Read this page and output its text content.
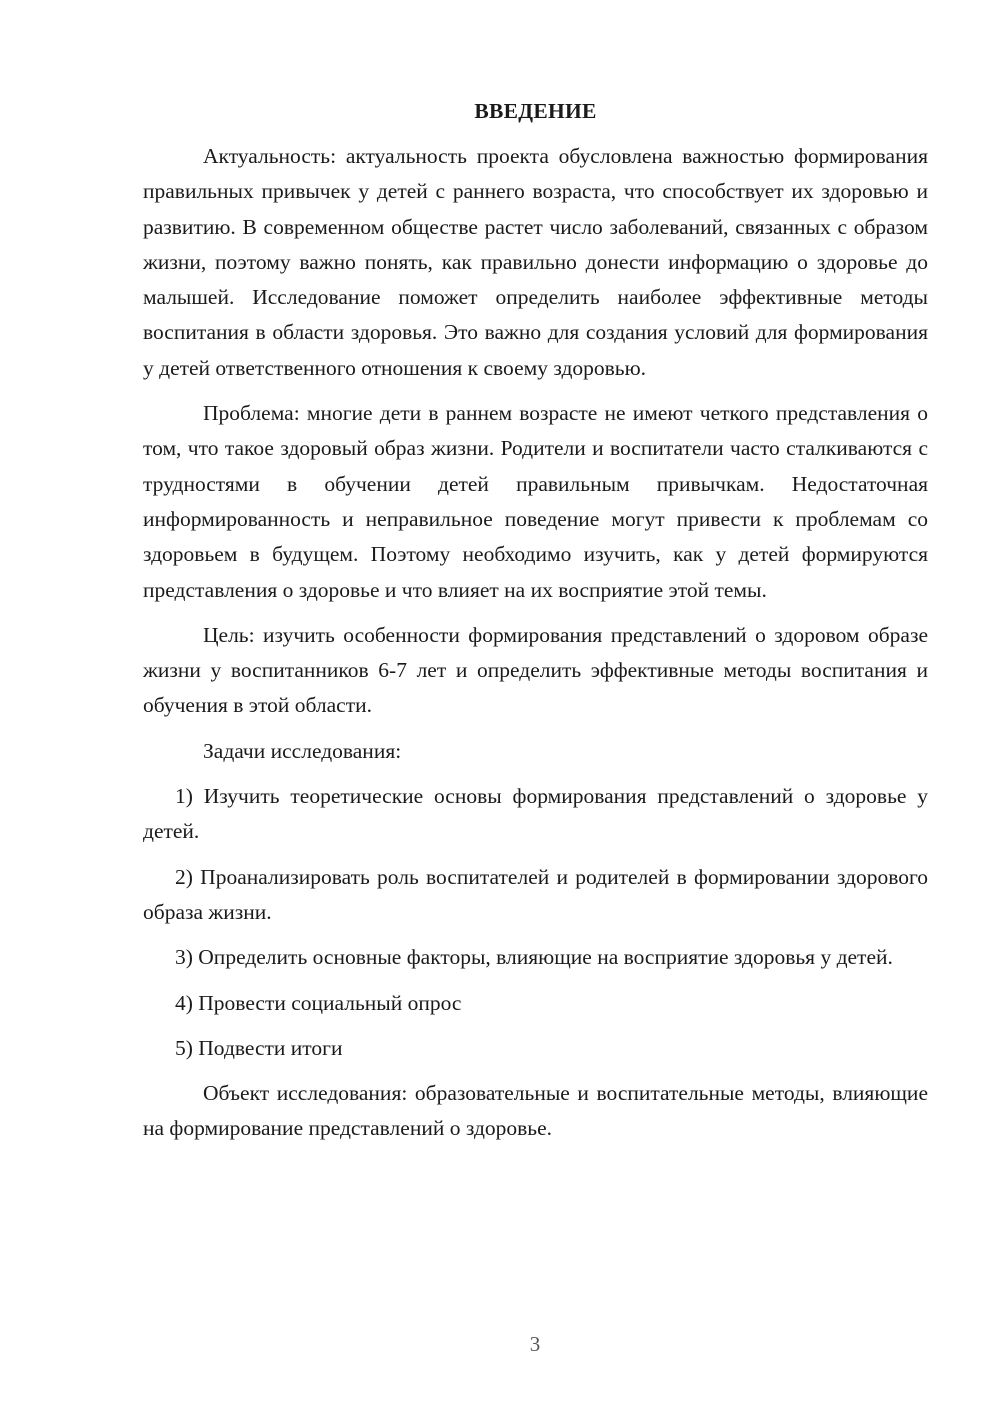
ВВЕДЕНИЕ

Актуальность: актуальность проекта обусловлена важностью формирования правильных привычек у детей с раннего возраста, что способствует их здоровью и развитию. В современном обществе растет число заболеваний, связанных с образом жизни, поэтому важно понять, как правильно донести информацию о здоровье до малышей. Исследование поможет определить наиболее эффективные методы воспитания в области здоровья. Это важно для создания условий для формирования у детей ответственного отношения к своему здоровью.

Проблема: многие дети в раннем возрасте не имеют четкого представления о том, что такое здоровый образ жизни. Родители и воспитатели часто сталкиваются с трудностями в обучении детей правильным привычкам. Недостаточная информированность и неправильное поведение могут привести к проблемам со здоровьем в будущем. Поэтому необходимо изучить, как у детей формируются представления о здоровье и что влияет на их восприятие этой темы.

Цель: изучить особенности формирования представлений о здоровом образе жизни у воспитанников 6-7 лет и определить эффективные методы воспитания и обучения в этой области.

Задачи исследования:

1) Изучить теоретические основы формирования представлений о здоровье у детей.

2) Проанализировать роль воспитателей и родителей в формировании здорового образа жизни.

3) Определить основные факторы, влияющие на восприятие здоровья у детей.

4) Провести социальный опрос

5) Подвести итоги

Объект исследования: образовательные и воспитательные методы, влияющие на формирование представлений о здоровье.

3
